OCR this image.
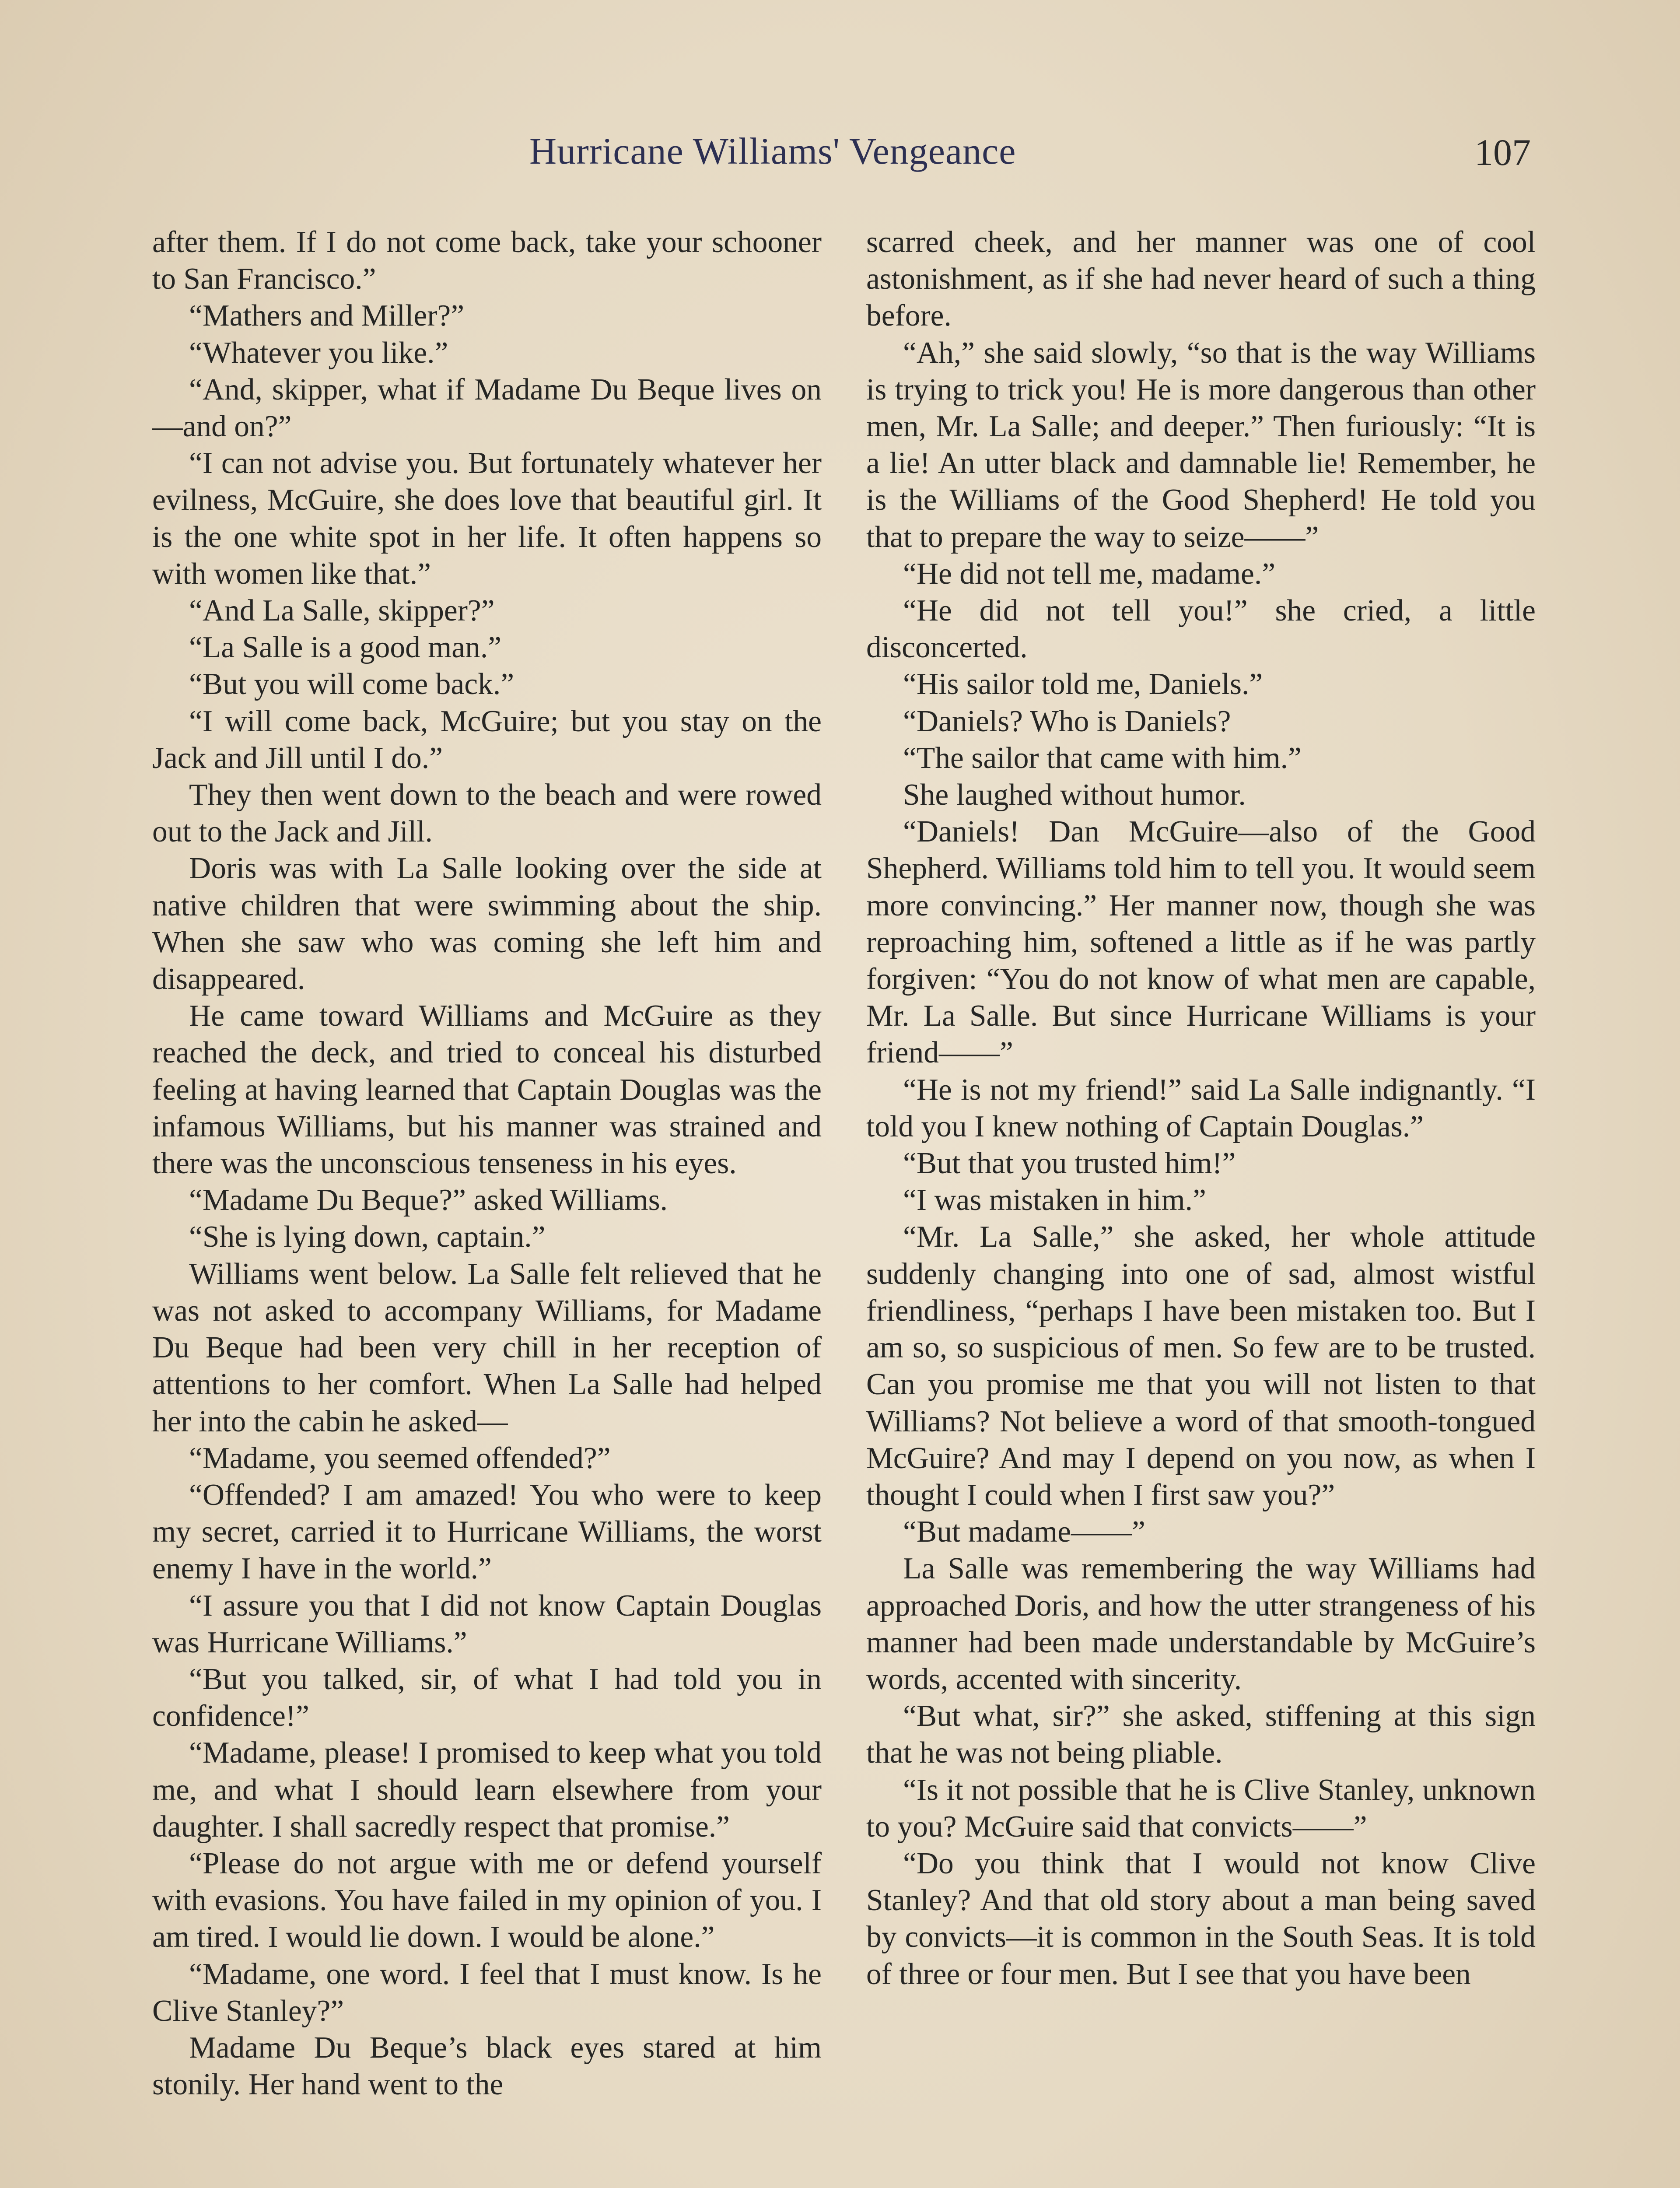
Hurricane Williams' Vengeance	107

after them. If I do not come back, take your schooner to San Francisco.”

“Mathers and Miller?”

“Whatever you like.”

“And, skipper, what if Madame Du Beque lives on—and on?”

“I can not advise you. But fortunately whatever her evilness, McGuire, she does love that beautiful girl. It is the one white spot in her life. It often happens so with women like that.”

“And La Salle, skipper?”

“La Salle is a good man.”

“But you will come back.”

“I will come back, McGuire; but you stay on the Jack and Jill until I do.”

They then went down to the beach and were rowed out to the Jack and Jill.

Doris was with La Salle looking over the side at native children that were swimming about the ship. When she saw who was coming she left him and disappeared.

He came toward Williams and McGuire as they reached the deck, and tried to conceal his disturbed feeling at having learned that Captain Douglas was the infamous Williams, but his manner was strained and there was the unconscious tenseness in his eyes.

“Madame Du Beque?” asked Williams.

“She is lying down, captain.”

Williams went below. La Salle felt relieved that he was not asked to accompany Williams, for Madame Du Beque had been very chill in her reception of attentions to her comfort. When La Salle had helped her into the cabin he asked—

“Madame, you seemed offended?”

“Offended? I am amazed! You who were to keep my secret, carried it to Hurricane Williams, the worst enemy I have in the world.”

“I assure you that I did not know Captain Douglas was Hurricane Williams.”

“But you talked, sir, of what I had told you in confidence!”

“Madame, please! I promised to keep what you told me, and what I should learn elsewhere from your daughter. I shall sacredly respect that promise.”

“Please do not argue with me or defend yourself with evasions. You have failed in my opinion of you. I am tired. I would lie down. I would be alone.”

“Madame, one word. I feel that I must know. Is he Clive Stanley?”

Madame Du Beque’s black eyes stared at him stonily. Her hand went to the

scarred cheek, and her manner was one of cool astonishment, as if she had never heard of such a thing before.

“Ah,” she said slowly, “so that is the way Williams is trying to trick you! He is more dangerous than other men, Mr. La Salle; and deeper.” Then furiously: “It is a lie! An utter black and damnable lie! Remember, he is the Williams of the Good Shepherd! He told you that to prepare the way to seize——”

“He did not tell me, madame.”

“He did not tell you!” she cried, a little disconcerted.

“His sailor told me, Daniels.”

“Daniels? Who is Daniels?

“The sailor that came with him.”

She laughed without humor.

“Daniels! Dan McGuire—also of the Good Shepherd. Williams told him to tell you. It would seem more convincing.” Her manner now, though she was reproaching him, softened a little as if he was partly forgiven: “You do not know of what men are capable, Mr. La Salle. But since Hurricane Williams is your friend——”

“He is not my friend!” said La Salle indignantly. “I told you I knew nothing of Captain Douglas.”

“But that you trusted him!”

“I was mistaken in him.”

“Mr. La Salle,” she asked, her whole attitude suddenly changing into one of sad, almost wistful friendliness, “perhaps I have been mistaken too. But I am so, so suspicious of men. So few are to be trusted. Can you promise me that you will not listen to that Williams? Not believe a word of that smooth-tongued McGuire? And may I depend on you now, as when I thought I could when I first saw you?”

“But madame——”

La Salle was remembering the way Williams had approached Doris, and how the utter strangeness of his manner had been made understandable by McGuire’s words, accented with sincerity.

“But what, sir?” she asked, stiffening at this sign that he was not being pliable.

“Is it not possible that he is Clive Stanley, unknown to you? McGuire said that convicts——”

“Do you think that I would not know Clive Stanley? And that old story about a man being saved by convicts—it is common in the South Seas. It is told of three or four men. But I see that you have been
